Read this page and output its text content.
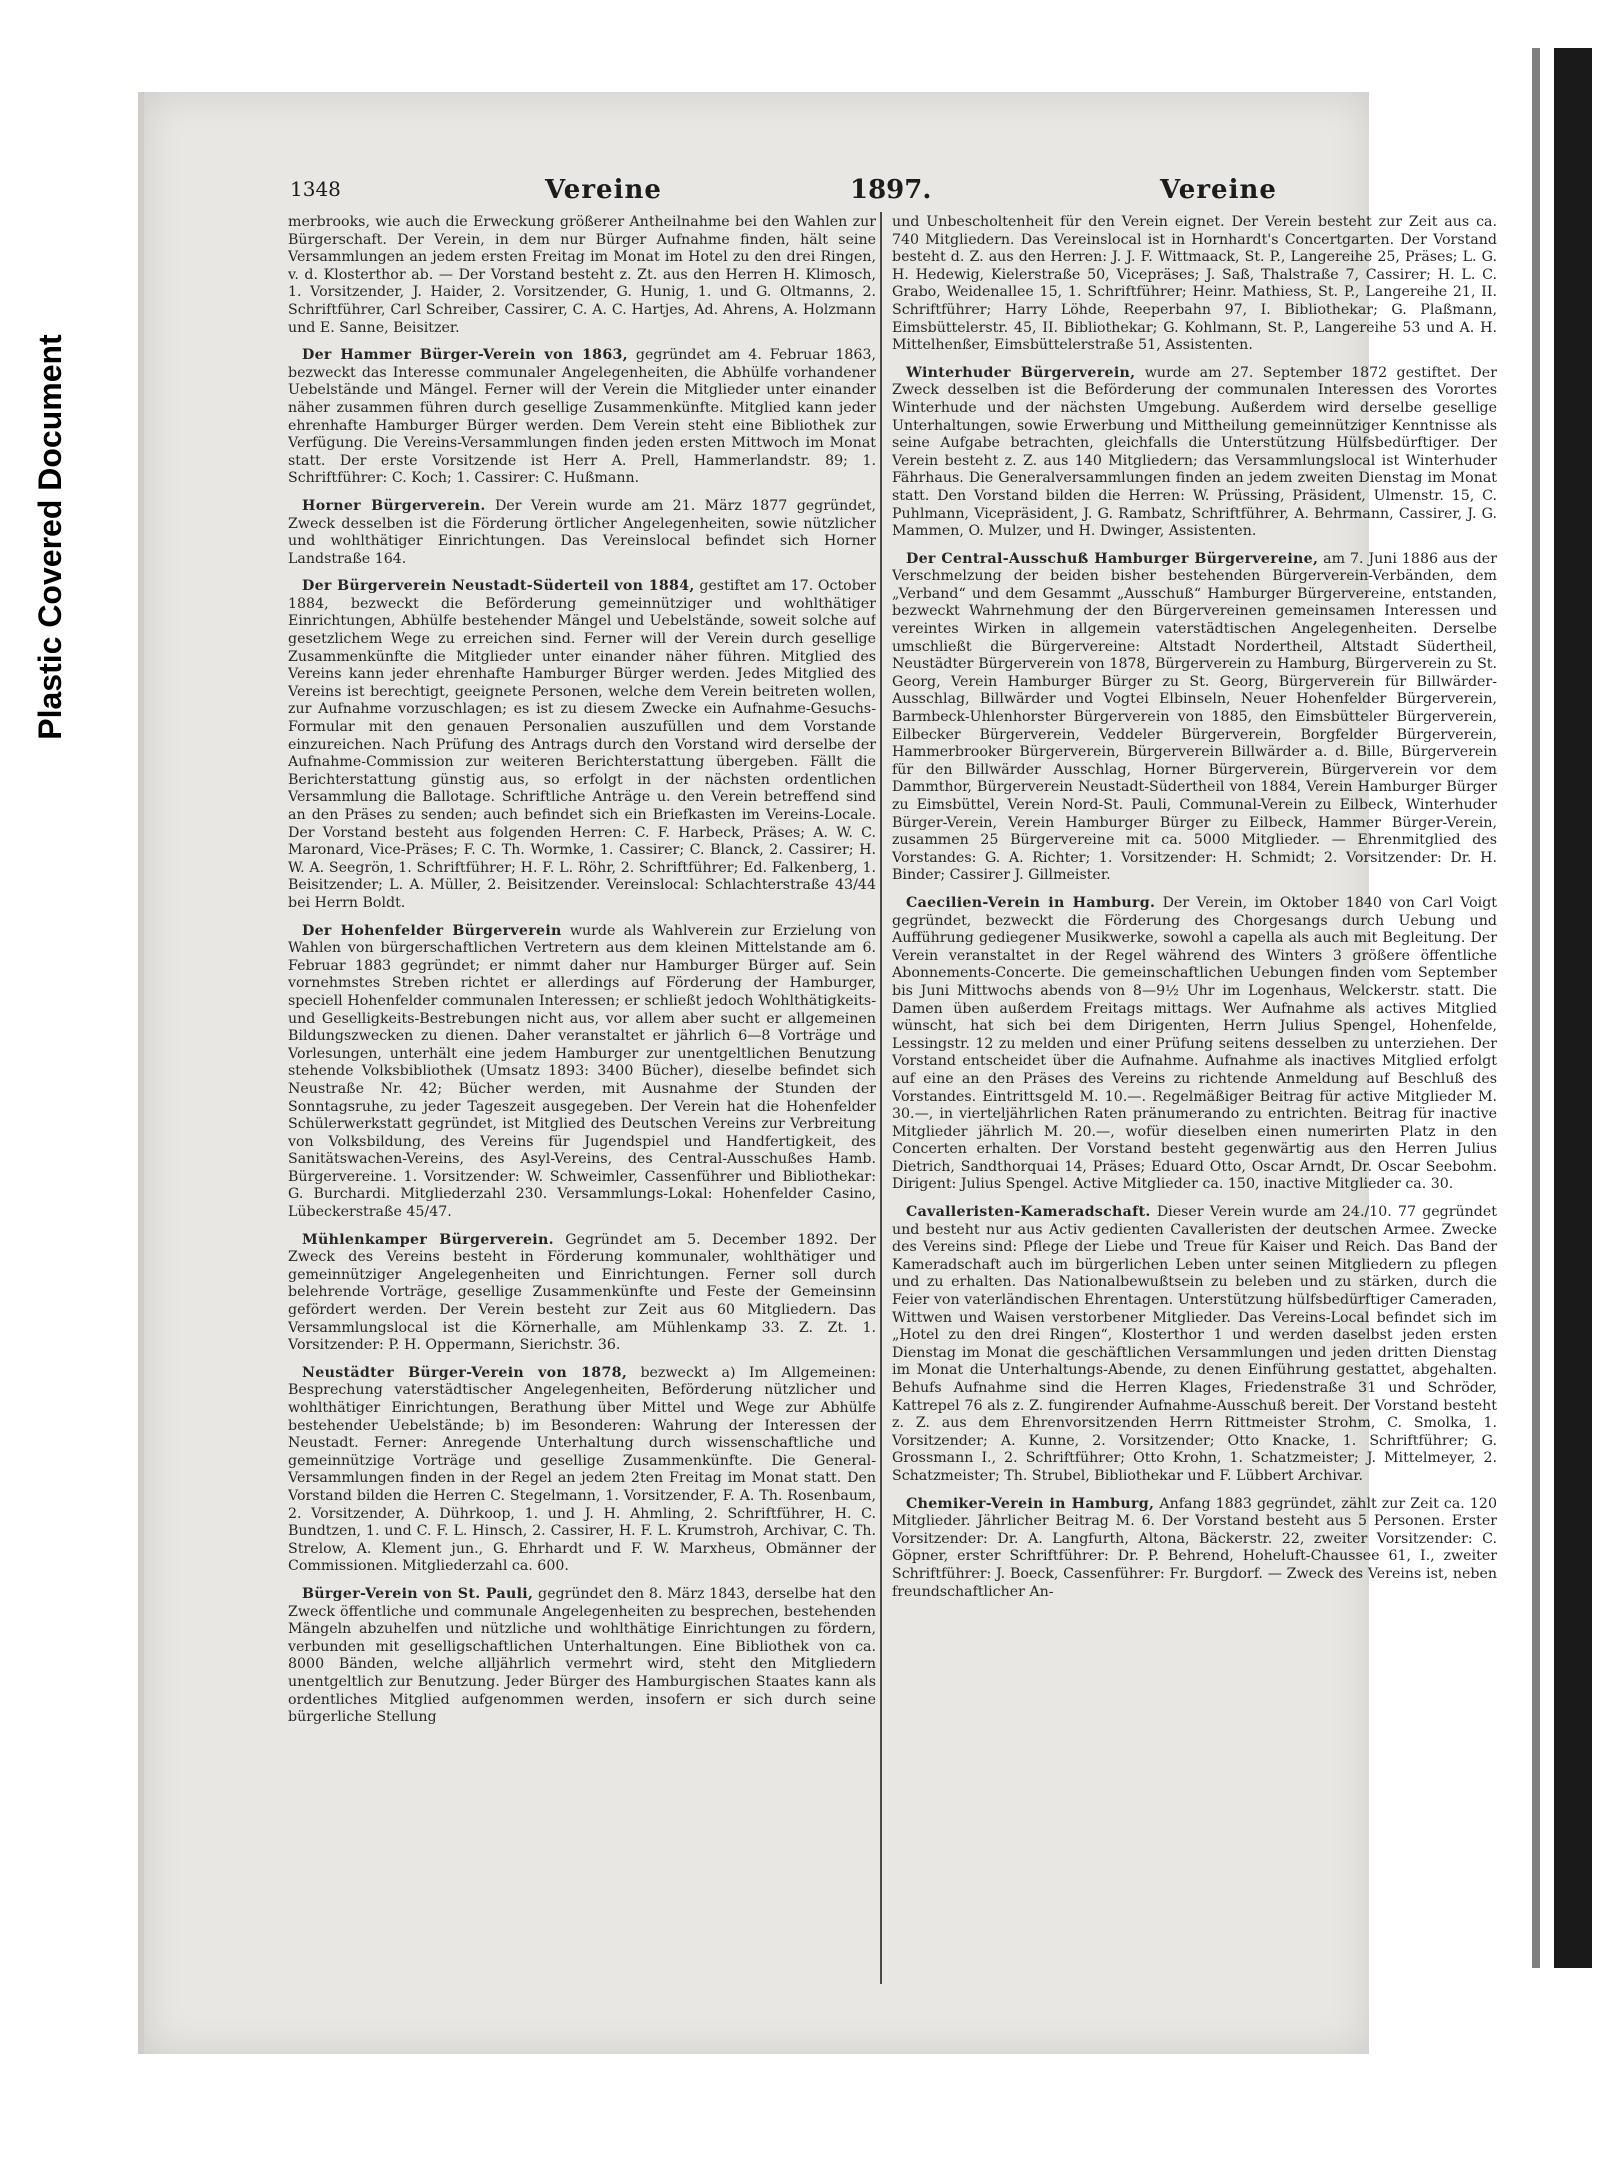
Plastic Covered Document
1348	Vereine	1897.	Vereine

merbrooks, wie auch die Erweckung größerer Antheilnahme bei den Wahlen zur Bürgerschaft. Der Verein, in dem nur Bürger Aufnahme finden, hält seine Versammlungen an jedem ersten Freitag im Monat im Hotel zu den drei Ringen, v. d. Klosterthor ab. — Der Vorstand besteht z. Zt. aus den Herren H. Klimosch, 1. Vorsitzender, J. Haider, 2. Vorsitzender, G. Hunig, 1. und G. Oltmanns, 2. Schriftführer, Carl Schreiber, Cassirer, C. A. C. Hartjes, Ad. Ahrens, A. Holzmann und E. Sanne, Beisitzer.

Der Hammer Bürger-Verein von 1863, gegründet am 4. Februar 1863, bezweckt das Interesse communaler Angelegenheiten, die Abhülfe vorhandener Uebelstände und Mängel. Ferner will der Verein die Mitglieder unter einander näher zusammen führen durch gesellige Zusammenkünfte. Mitglied kann jeder ehrenhafte Hamburger Bürger werden. Dem Verein steht eine Bibliothek zur Verfügung. Die Vereins-Versammlungen finden jeden ersten Mittwoch im Monat statt. Der erste Vorsitzende ist Herr A. Prell, Hammerlandstr. 89; 1. Schriftführer: C. Koch; 1. Cassirer: C. Hußmann.

Horner Bürgerverein. Der Verein wurde am 21. März 1877 gegründet, Zweck desselben ist die Förderung örtlicher Angelegenheiten, sowie nützlicher und wohlthätiger Einrichtungen. Das Vereinslocal befindet sich Horner Landstraße 164.

Der Bürgerverein Neustadt-Süderteil von 1884, gestiftet am 17. October 1884, bezweckt die Beförderung gemeinnütziger und wohlthätiger Einrichtungen, Abhülfe bestehender Mängel und Uebelstände, soweit solche auf gesetzlichem Wege zu erreichen sind. Ferner will der Verein durch gesellige Zusammenkünfte die Mitglieder unter einander näher führen. Mitglied des Vereins kann jeder ehrenhafte Hamburger Bürger werden. Jedes Mitglied des Vereins ist berechtigt, geeignete Personen, welche dem Verein beitreten wollen, zur Aufnahme vorzuschlagen; es ist zu diesem Zwecke ein Aufnahme-Gesuchs-Formular mit den genauen Personalien auszufüllen und dem Vorstande einzureichen. Nach Prüfung des Antrags durch den Vorstand wird derselbe der Aufnahme-Commission zur weiteren Berichterstattung übergeben. Fällt die Berichterstattung günstig aus, so erfolgt in der nächsten ordentlichen Versammlung die Ballotage. Schriftliche Anträge u. den Verein betreffend sind an den Präses zu senden; auch befindet sich ein Briefkasten im Vereins-Locale. Der Vorstand besteht aus folgenden Herren: C. F. Harbeck, Präses; A. W. C. Maronard, Vice-Präses; F. C. Th. Wormke, 1. Cassirer; C. Blanck, 2. Cassirer; H. W. A. Seegrön, 1. Schriftführer; H. F. L. Röhr, 2. Schriftführer; Ed. Falkenberg, 1. Beisitzender; L. A. Müller, 2. Beisitzender. Vereinslocal: Schlachterstraße 43/44 bei Herrn Boldt.

Der Hohenfelder Bürgerverein wurde als Wahlverein zur Erzielung von Wahlen von bürgerschaftlichen Vertretern aus dem kleinen Mittelstande am 6. Februar 1883 gegründet; er nimmt daher nur Hamburger Bürger auf. Sein vornehmstes Streben richtet er allerdings auf Förderung der Hamburger, speciell Hohenfelder communalen Interessen; er schließt jedoch Wohlthätigkeits- und Geselligkeits-Bestrebungen nicht aus, vor allem aber sucht er allgemeinen Bildungszwecken zu dienen. Daher veranstaltet er jährlich 6—8 Vorträge und Vorlesungen, unterhält eine jedem Hamburger zur unentgeltlichen Benutzung stehende Volksbibliothek (Umsatz 1893: 3400 Bücher), dieselbe befindet sich Neustraße Nr. 42; Bücher werden, mit Ausnahme der Stunden der Sonntagsruhe, zu jeder Tageszeit ausgegeben. Der Verein hat die Hohenfelder Schülerwerkstatt gegründet, ist Mitglied des Deutschen Vereins zur Verbreitung von Volksbildung, des Vereins für Jugendspiel und Handfertigkeit, des Sanitätswachen-Vereins, des Asyl-Vereins, des Central-Ausschußes Hamb. Bürgervereine. 1. Vorsitzender: W. Schweimler, Cassenführer und Bibliothekar: G. Burchardi. Mitgliederzahl 230. Versammlungs-Lokal: Hohenfelder Casino, Lübeckerstraße 45/47.

Mühlenkamper Bürgerverein. Gegründet am 5. December 1892. Der Zweck des Vereins besteht in Förderung kommunaler, wohlthätiger und gemeinnütziger Angelegenheiten und Einrichtungen. Ferner soll durch belehrende Vorträge, gesellige Zusammenkünfte und Feste der Gemeinsinn gefördert werden. Der Verein besteht zur Zeit aus 60 Mitgliedern. Das Versammlungslocal ist die Körnerhalle, am Mühlenkamp 33. Z. Zt. 1. Vorsitzender: P. H. Oppermann, Sierichstr. 36.

Neustädter Bürger-Verein von 1878, bezweckt a) Im Allgemeinen: Besprechung vaterstädtischer Angelegenheiten, Beförderung nützlicher und wohlthätiger Einrichtungen, Berathung über Mittel und Wege zur Abhülfe bestehender Uebelstände; b) im Besonderen: Wahrung der Interessen der Neustadt. Ferner: Anregende Unterhaltung durch wissenschaftliche und gemeinnützige Vorträge und gesellige Zusammenkünfte. Die General-Versammlungen finden in der Regel an jedem 2ten Freitag im Monat statt. Den Vorstand bilden die Herren C. Stegelmann, 1. Vorsitzender, F. A. Th. Rosenbaum, 2. Vorsitzender, A. Dührkoop, 1. und J. H. Ahmling, 2. Schriftführer, H. C. Bundtzen, 1. und C. F. L. Hinsch, 2. Cassirer, H. F. L. Krumstroh, Archivar, C. Th. Strelow, A. Klement jun., G. Ehrhardt und F. W. Marxheus, Obmänner der Commissionen. Mitgliederzahl ca. 600.

Bürger-Verein von St. Pauli, gegründet den 8. März 1843, derselbe hat den Zweck öffentliche und communale Angelegenheiten zu besprechen, bestehenden Mängeln abzuhelfen und nützliche und wohlthätige Einrichtungen zu fördern, verbunden mit geselligschaftlichen Unterhaltungen. Eine Bibliothek von ca. 8000 Bänden, welche alljährlich vermehrt wird, steht den Mitgliedern unentgeltlich zur Benutzung. Jeder Bürger des Hamburgischen Staates kann als ordentliches Mitglied aufgenommen werden, insofern er sich durch seine bürgerliche Stellung

und Unbescholtenheit für den Verein eignet. Der Verein besteht zur Zeit aus ca. 740 Mitgliedern. Das Vereinslocal ist in Hornhardt's Concertgarten. Der Vorstand besteht d. Z. aus den Herren: J. J. F. Wittmaack, St. P., Langereihe 25, Präses; L. G. H. Hedewig, Kielerstraße 50, Vicepräses; J. Saß, Thalstraße 7, Cassirer; H. L. C. Grabo, Weidenallee 15, 1. Schriftführer; Heinr. Mathiess, St. P., Langereihe 21, II. Schriftführer; Harry Löhde, Reeperbahn 97, I. Bibliothekar; G. Plaßmann, Eimsbüttelerstr. 45, II. Bibliothekar; G. Kohlmann, St. P., Langereihe 53 und A. H. Mittelhenßer, Eimsbüttelerstraße 51, Assistenten.

Winterhuder Bürgerverein, wurde am 27. September 1872 gestiftet. Der Zweck desselben ist die Beförderung der communalen Interessen des Vorortes Winterhude und der nächsten Umgebung. Außerdem wird derselbe gesellige Unterhaltungen, sowie Erwerbung und Mittheilung gemeinnütziger Kenntnisse als seine Aufgabe betrachten, gleichfalls die Unterstützung Hülfsbedürftiger. Der Verein besteht z. Z. aus 140 Mitgliedern; das Versammlungslocal ist Winterhuder Fährhaus. Die Generalversammlungen finden an jedem zweiten Dienstag im Monat statt. Den Vorstand bilden die Herren: W. Prüssing, Präsident, Ulmenstr. 15, C. Puhlmann, Vicepräsident, J. G. Rambatz, Schriftführer, A. Behrmann, Cassirer, J. G. Mammen, O. Mulzer, und H. Dwinger, Assistenten.

Der Central-Ausschuß Hamburger Bürgervereine, am 7. Juni 1886 aus der Verschmelzung der beiden bisher bestehenden Bürgerverein-Verbänden, dem „Verband“ und dem Gesammt „Ausschuß“ Hamburger Bürgervereine, entstanden, bezweckt Wahrnehmung der den Bürgervereinen gemeinsamen Interessen und vereintes Wirken in allgemein vaterstädtischen Angelegenheiten. Derselbe umschließt die Bürgervereine: Altstadt Nordertheil, Altstadt Südertheil, Neustädter Bürgerverein von 1878, Bürgerverein zu Hamburg, Bürgerverein zu St. Georg, Verein Hamburger Bürger zu St. Georg, Bürgerverein für Billwärder-Ausschlag, Billwärder und Vogtei Elbinseln, Neuer Hohenfelder Bürgerverein, Barmbeck-Uhlenhorster Bürgerverein von 1885, den Eimsbütteler Bürgerverein, Eilbecker Bürgerverein, Veddeler Bürgerverein, Borgfelder Bürgerverein, Hammerbrooker Bürgerverein, Bürgerverein Billwärder a. d. Bille, Bürgerverein für den Billwärder Ausschlag, Horner Bürgerverein, Bürgerverein vor dem Dammthor, Bürgerverein Neustadt-Südertheil von 1884, Verein Hamburger Bürger zu Eimsbüttel, Verein Nord-St. Pauli, Communal-Verein zu Eilbeck, Winterhuder Bürger-Verein, Verein Hamburger Bürger zu Eilbeck, Hammer Bürger-Verein, zusammen 25 Bürgervereine mit ca. 5000 Mitglieder. — Ehrenmitglied des Vorstandes: G. A. Richter; 1. Vorsitzender: H. Schmidt; 2. Vorsitzender: Dr. H. Binder; Cassirer J. Gillmeister.

Caecilien-Verein in Hamburg. Der Verein, im Oktober 1840 von Carl Voigt gegründet, bezweckt die Förderung des Chorgesangs durch Uebung und Aufführung gediegener Musikwerke, sowohl a capella als auch mit Begleitung. Der Verein veranstaltet in der Regel während des Winters 3 größere öffentliche Abonnements-Concerte. Die gemeinschaftlichen Uebungen finden vom September bis Juni Mittwochs abends von 8—9½ Uhr im Logenhaus, Welckerstr. statt. Die Damen üben außerdem Freitags mittags. Wer Aufnahme als actives Mitglied wünscht, hat sich bei dem Dirigenten, Herrn Julius Spengel, Hohenfelde, Lessingstr. 12 zu melden und einer Prüfung seitens desselben zu unterziehen. Der Vorstand entscheidet über die Aufnahme. Aufnahme als inactives Mitglied erfolgt auf eine an den Präses des Vereins zu richtende Anmeldung auf Beschluß des Vorstandes. Eintrittsgeld M. 10.—. Regelmäßiger Beitrag für active Mitglieder M. 30.—, in vierteljährlichen Raten pränumerando zu entrichten. Beitrag für inactive Mitglieder jährlich M. 20.—, wofür dieselben einen numerirten Platz in den Concerten erhalten. Der Vorstand besteht gegenwärtig aus den Herren Julius Dietrich, Sandthorquai 14, Präses; Eduard Otto, Oscar Arndt, Dr. Oscar Seebohm. Dirigent: Julius Spengel. Active Mitglieder ca. 150, inactive Mitglieder ca. 30.

Cavalleristen-Kameradschaft. Dieser Verein wurde am 24./10. 77 gegründet und besteht nur aus Activ gedienten Cavalleristen der deutschen Armee. Zwecke des Vereins sind: Pflege der Liebe und Treue für Kaiser und Reich. Das Band der Kameradschaft auch im bürgerlichen Leben unter seinen Mitgliedern zu pflegen und zu erhalten. Das Nationalbewußtsein zu beleben und zu stärken, durch die Feier von vaterländischen Ehrentagen. Unterstützung hülfsbedürftiger Cameraden, Wittwen und Waisen verstorbener Mitglieder. Das Vereins-Local befindet sich im „Hotel zu den drei Ringen“, Klosterthor 1 und werden daselbst jeden ersten Dienstag im Monat die geschäftlichen Versammlungen und jeden dritten Dienstag im Monat die Unterhaltungs-Abende, zu denen Einführung gestattet, abgehalten. Behufs Aufnahme sind die Herren Klages, Friedenstraße 31 und Schröder, Kattrepel 76 als z. Z. fungirender Aufnahme-Ausschuß bereit. Der Vorstand besteht z. Z. aus dem Ehrenvorsitzenden Herrn Rittmeister Strohm, C. Smolka, 1. Vorsitzender; A. Kunne, 2. Vorsitzender; Otto Knacke, 1. Schriftführer; G. Grossmann I., 2. Schriftführer; Otto Krohn, 1. Schatzmeister; J. Mittelmeyer, 2. Schatzmeister; Th. Strubel, Bibliothekar und F. Lübbert Archivar.

Chemiker-Verein in Hamburg, Anfang 1883 gegründet, zählt zur Zeit ca. 120 Mitglieder. Jährlicher Beitrag M. 6. Der Vorstand besteht aus 5 Personen. Erster Vorsitzender: Dr. A. Langfurth, Altona, Bäckerstr. 22, zweiter Vorsitzender: C. Göpner, erster Schriftführer: Dr. P. Behrend, Hoheluft-Chaussee 61, I., zweiter Schriftführer: J. Boeck, Cassenführer: Fr. Burgdorf. — Zweck des Vereins ist, neben freundschaftlicher An-
